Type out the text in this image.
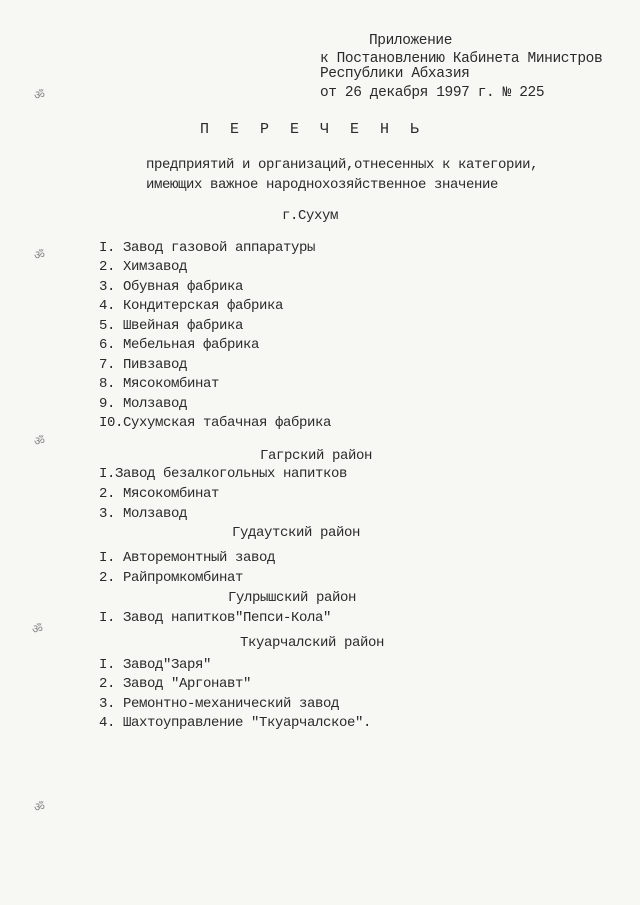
ॐ
ॐ
ॐ
ॐ
ॐ
Приложение
к Постановлению Кабинета Министров
Республики Абхазия
от 26 декабря 1997 г. № 225
П Е Р Е Ч Е Н Ь
предприятий и организаций,отнесенных к категории,
имеющих важное народнохозяйственное значение
г.Сухум
I. Завод газовой аппаратуры
2. Химзавод
3. Обувная фабрика
4. Кондитерская фабрика
5. Швейная фабрика
6. Мебельная фабрика
7. Пивзавод
8. Мясокомбинат
9. Молзавод
I0.Сухумская табачная фабрика
Гагрский район
I.Завод безалкогольных напитков
2. Мясокомбинат
3. Молзавод
Гудаутский район
I. Авторемонтный завод
2. Райпромкомбинат
Гулрышский район
I. Завод напитков"Пепси-Кола"
Ткуарчалский район
I. Завод"Заря"
2. Завод "Аргонавт"
3. Ремонтно-механический завод
4. Шахтоуправление "Ткуарчалское".
